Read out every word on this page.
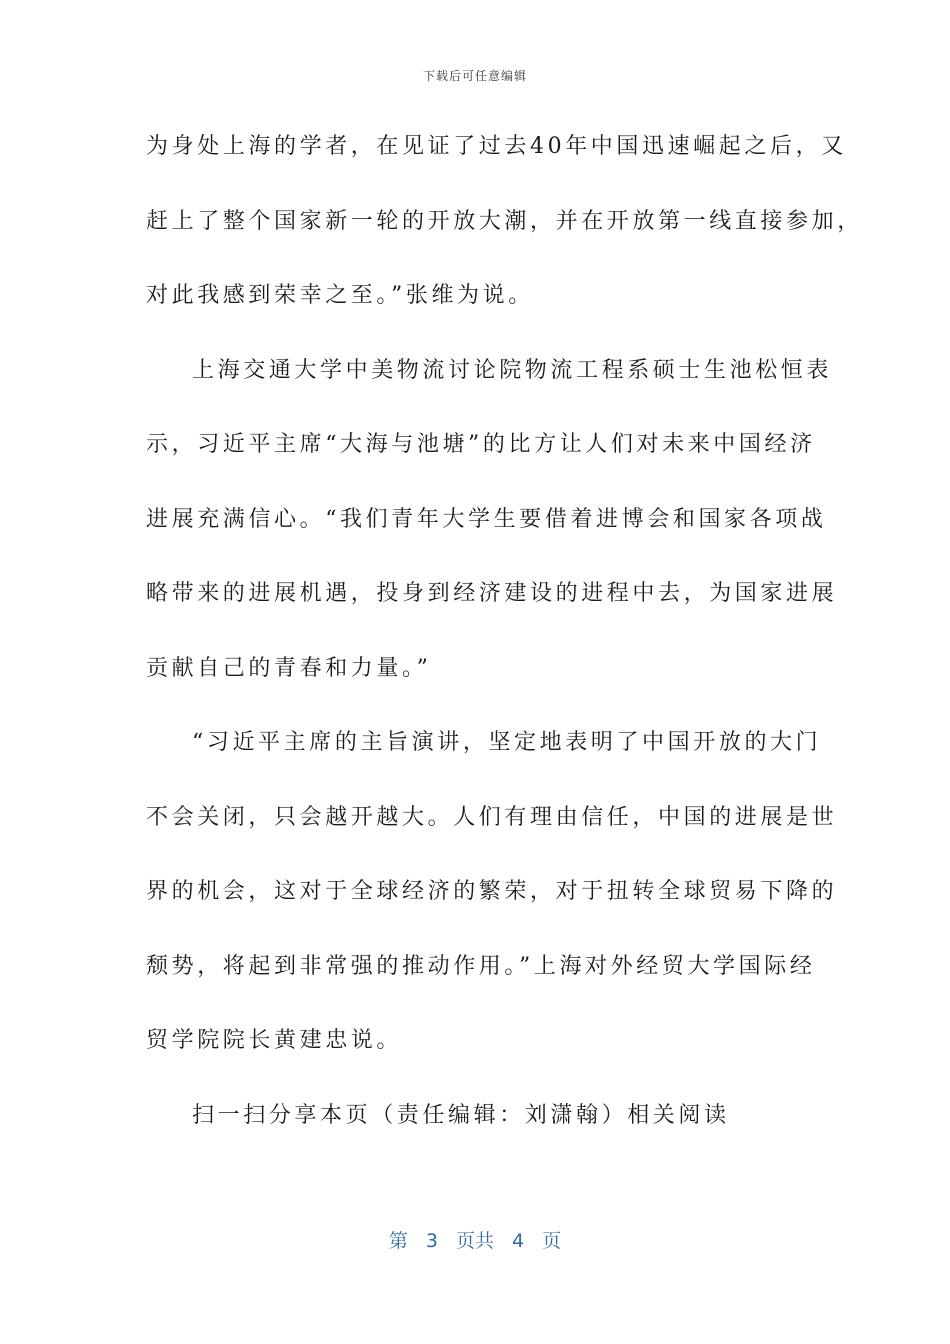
下载后可任意编辑
为身处上海的学者，在见证了过去40年中国迅速崛起之后，又
赶上了整个国家新一轮的开放大潮，并在开放第一线直接参加，
对此我感到荣幸之至。”张维为说。
上海交通大学中美物流讨论院物流工程系硕士生池松恒表
示，习近平主席“大海与池塘”的比方让人们对未来中国经济
进展充满信心。“我们青年大学生要借着进博会和国家各项战
略带来的进展机遇，投身到经济建设的进程中去，为国家进展
贡献自己的青春和力量。”
“习近平主席的主旨演讲，坚定地表明了中国开放的大门
不会关闭，只会越开越大。人们有理由信任，中国的进展是世
界的机会，这对于全球经济的繁荣，对于扭转全球贸易下降的
颓势，将起到非常强的推动作用。”上海对外经贸大学国际经
贸学院院长黄建忠说。
扫一扫分享本页（责任编辑：刘潇翰）相关阅读
第 3 页共 4 页
